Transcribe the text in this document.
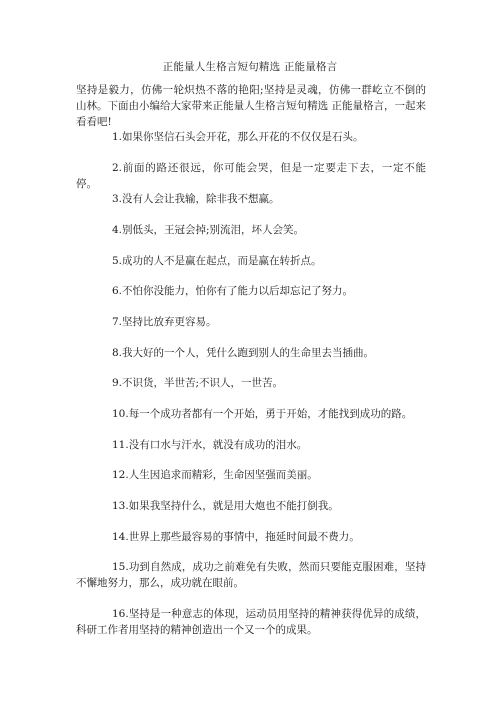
正能量人生格言短句精选 正能量格言

坚持是毅力，仿佛一轮炽热不落的艳阳;坚持是灵魂，仿佛一群屹立不倒的山林。下面由小编给大家带来正能量人生格言短句精选 正能量格言，一起来看看吧!

1.如果你坚信石头会开花，那么开花的不仅仅是石头。

2.前面的路还很远，你可能会哭，但是一定要走下去，一定不能停。

3.没有人会让我输，除非我不想赢。

4.别低头，王冠会掉;别流泪，坏人会笑。

5.成功的人不是赢在起点，而是赢在转折点。

6.不怕你没能力，怕你有了能力以后却忘记了努力。

7.坚持比放弃更容易。

8.我大好的一个人，凭什么跑到别人的生命里去当插曲。

9.不识货，半世苦;不识人，一世苦。

10.每一个成功者都有一个开始，勇于开始，才能找到成功的路。

11.没有口水与汗水，就没有成功的泪水。

12.人生因追求而精彩，生命因坚强而美丽。

13.如果我坚持什么，就是用大炮也不能打倒我。

14.世界上那些最容易的事情中，拖延时间最不费力。

15.功到自然成，成功之前难免有失败，然而只要能克服困难，坚持不懈地努力，那么，成功就在眼前。

16.坚持是一种意志的体现，运动员用坚持的精神获得优异的成绩，科研工作者用坚持的精神创造出一个又一个的成果。
